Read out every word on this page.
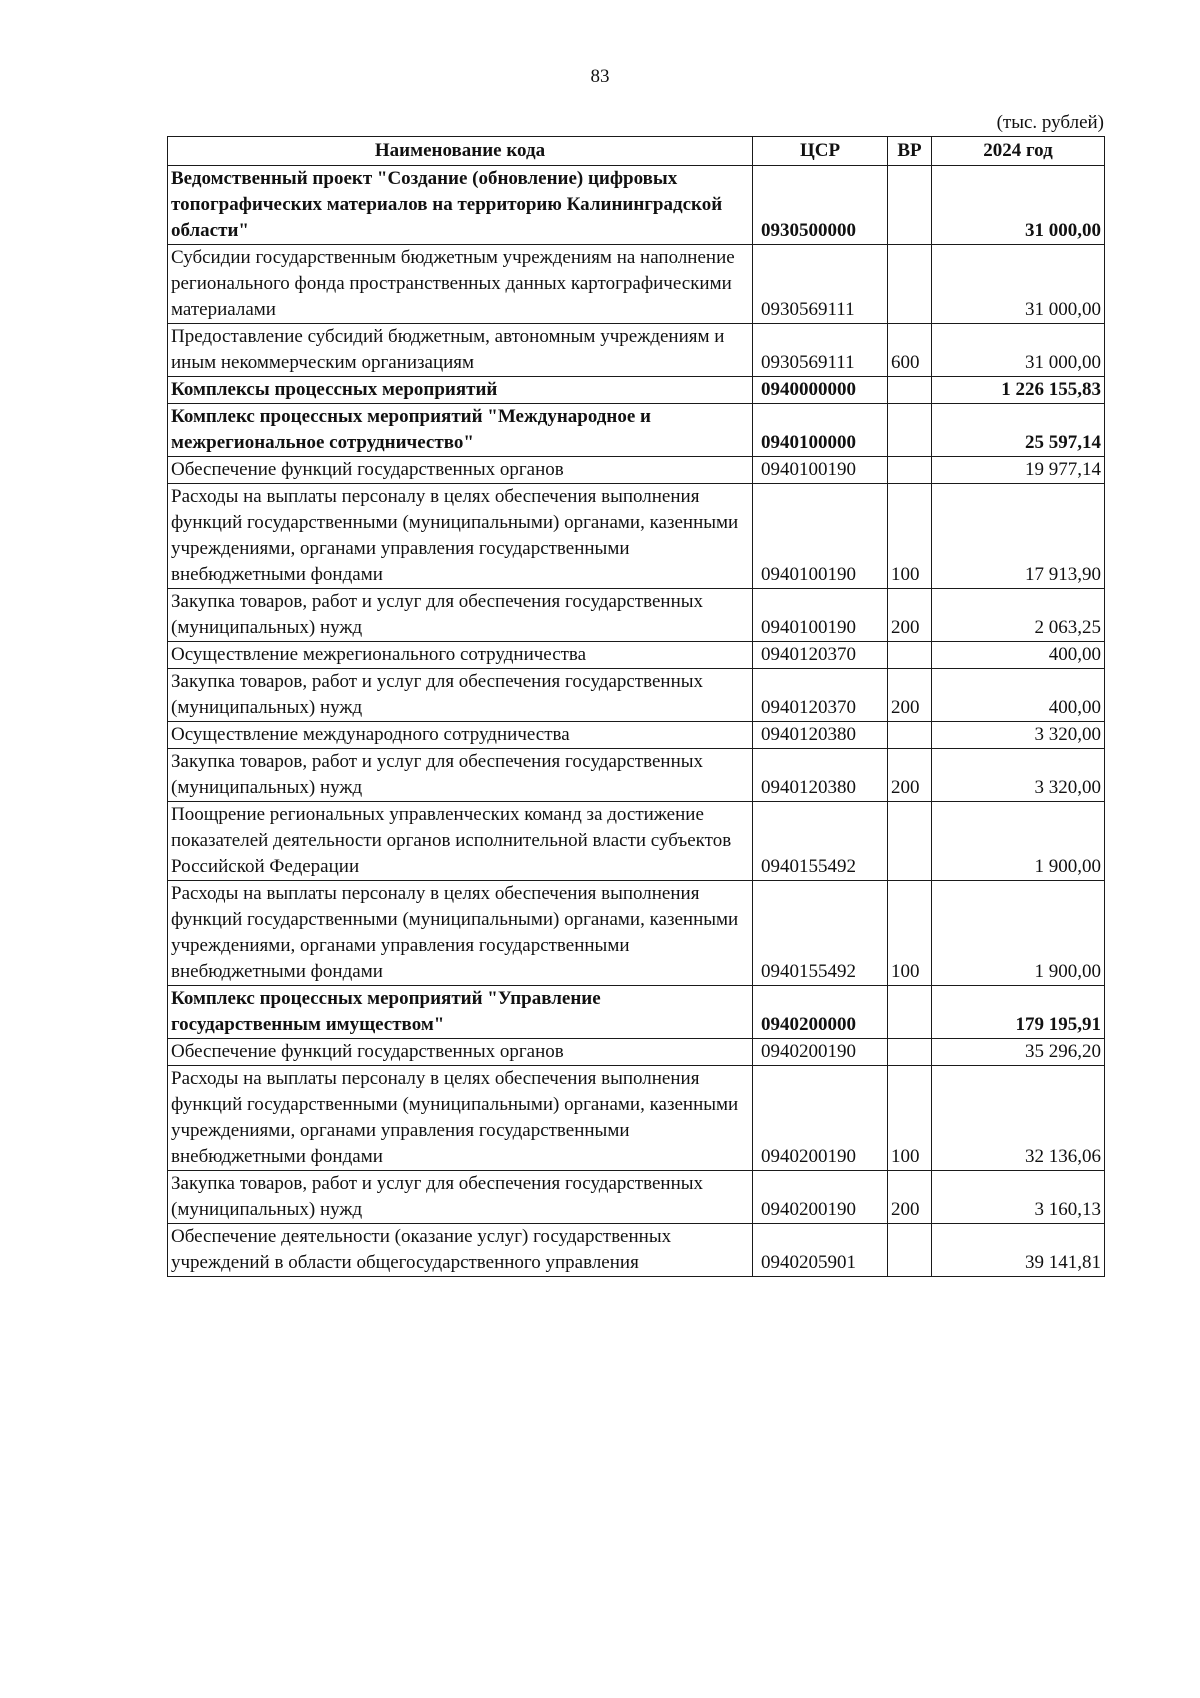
83
(тыс. рублей)
Наименование кода	ЦСР	ВР	2024 год
Ведомственный проект "Создание (обновление) цифровых топографических материалов на территорию Калининградской области"	0930500000		31 000,00
Субсидии государственным бюджетным учреждениям на наполнение регионального фонда пространственных данных картографическими материалами	0930569111		31 000,00
Предоставление субсидий бюджетным, автономным учреждениям и иным некоммерческим организациям	0930569111	600	31 000,00
Комплексы процессных мероприятий	0940000000		1 226 155,83
Комплекс процессных мероприятий "Международное и межрегиональное сотрудничество"	0940100000		25 597,14
Обеспечение функций государственных органов	0940100190		19 977,14
Расходы на выплаты персоналу в целях обеспечения выполнения функций государственными (муниципальными) органами, казенными учреждениями, органами управления государственными внебюджетными фондами	0940100190	100	17 913,90
Закупка товаров, работ и услуг для обеспечения государственных (муниципальных) нужд	0940100190	200	2 063,25
Осуществление межрегионального сотрудничества	0940120370		400,00
Закупка товаров, работ и услуг для обеспечения государственных (муниципальных) нужд	0940120370	200	400,00
Осуществление международного сотрудничества	0940120380		3 320,00
Закупка товаров, работ и услуг для обеспечения государственных (муниципальных) нужд	0940120380	200	3 320,00
Поощрение региональных управленческих команд за достижение показателей деятельности органов исполнительной власти субъектов Российской Федерации	0940155492		1 900,00
Расходы на выплаты персоналу в целях обеспечения выполнения функций государственными (муниципальными) органами, казенными учреждениями, органами управления государственными внебюджетными фондами	0940155492	100	1 900,00
Комплекс процессных мероприятий "Управление государственным имуществом"	0940200000		179 195,91
Обеспечение функций государственных органов	0940200190		35 296,20
Расходы на выплаты персоналу в целях обеспечения выполнения функций государственными (муниципальными) органами, казенными учреждениями, органами управления государственными внебюджетными фондами	0940200190	100	32 136,06
Закупка товаров, работ и услуг для обеспечения государственных (муниципальных) нужд	0940200190	200	3 160,13
Обеспечение деятельности (оказание услуг) государственных учреждений в области общегосударственного управления	0940205901		39 141,81
